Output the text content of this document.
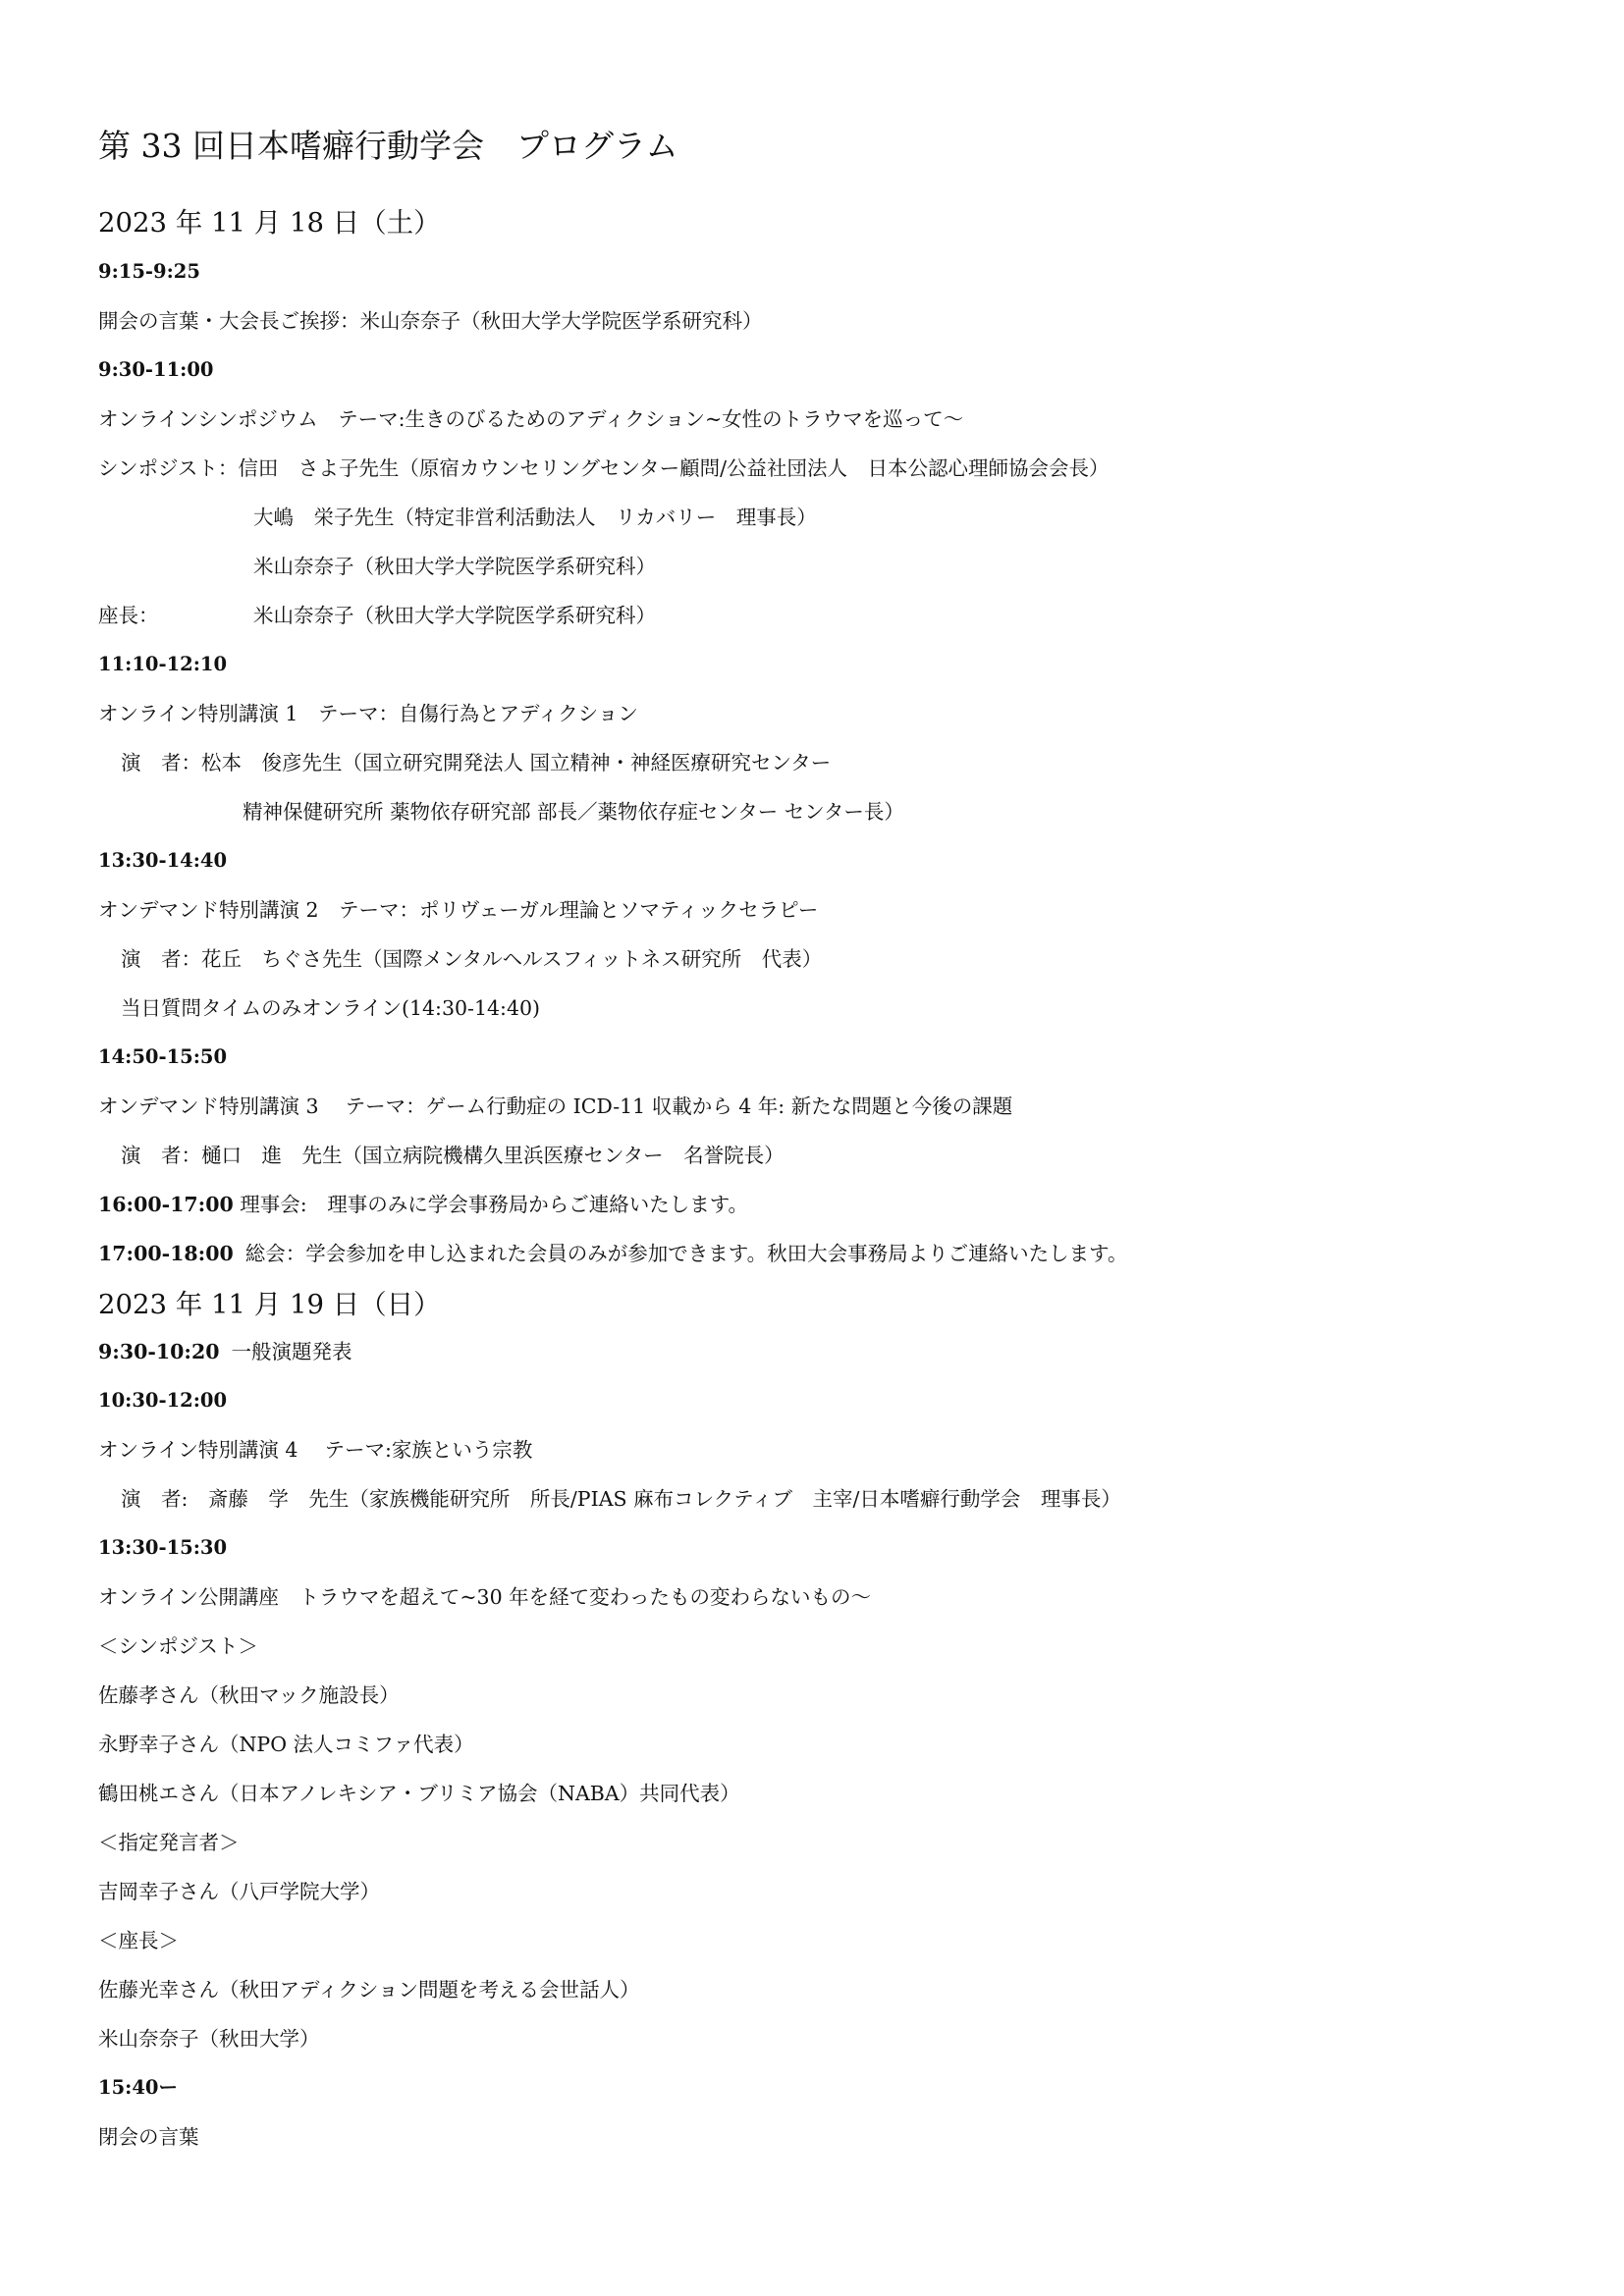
第 33 回日本嗜癖行動学会　プログラム
2023 年 11 月 18 日（土）
9:15-9:25
開会の言葉・大会長ご挨拶：米山奈奈子（秋田大学大学院医学系研究科）
9:30-11:00
オンラインシンポジウム　テーマ:生きのびるためのアディクション~女性のトラウマを巡って～
シンポジスト：信田　さよ子先生（原宿カウンセリングセンター顧問/公益社団法人　日本公認心理師協会会長）
大嶋　栄子先生（特定非営利活動法人　リカバリー　理事長）
米山奈奈子（秋田大学大学院医学系研究科）
座長：	米山奈奈子（秋田大学大学院医学系研究科）
11:10-12:10
オンライン特別講演 1　テーマ：自傷行為とアディクション
演　者：松本　俊彦先生（国立研究開発法人 国立精神・神経医療研究センター
精神保健研究所 薬物依存研究部 部長／薬物依存症センター センター長）
13:30-14:40
オンデマンド特別講演 2　テーマ：ポリヴェーガル理論とソマティックセラピー
演　者：花丘　ちぐさ先生（国際メンタルヘルスフィットネス研究所　代表）
当日質問タイムのみオンライン(14:30-14:40)
14:50-15:50
オンデマンド特別講演 3　 テーマ：ゲーム行動症の ICD-11 収載から 4 年: 新たな問題と今後の課題
演　者：樋口　進　先生（国立病院機構久里浜医療センター　名誉院長）
16:00-17:00 理事会:　理事のみに学会事務局からご連絡いたします。
17:00-18:00 総会：学会参加を申し込まれた会員のみが参加できます。秋田大会事務局よりご連絡いたします。
2023 年 11 月 19 日（日）
9:30-10:20 一般演題発表
10:30-12:00
オンライン特別講演 4　 テーマ:家族という宗教
演　者:　斎藤　学　先生（家族機能研究所　所長/PIAS 麻布コレクティブ　主宰/日本嗜癖行動学会　理事長）
13:30-15:30
オンライン公開講座　トラウマを超えて~30 年を経て変わったもの変わらないもの～
＜シンポジスト＞
佐藤孝さん（秋田マック施設長）
永野幸子さん（NPO 法人コミファ代表）
鶴田桃エさん（日本アノレキシア・ブリミア協会（NABA）共同代表）
＜指定発言者＞
吉岡幸子さん（八戸学院大学）
＜座長＞
佐藤光幸さん（秋田アディクション問題を考える会世話人）
米山奈奈子（秋田大学）
15:40ー
閉会の言葉
